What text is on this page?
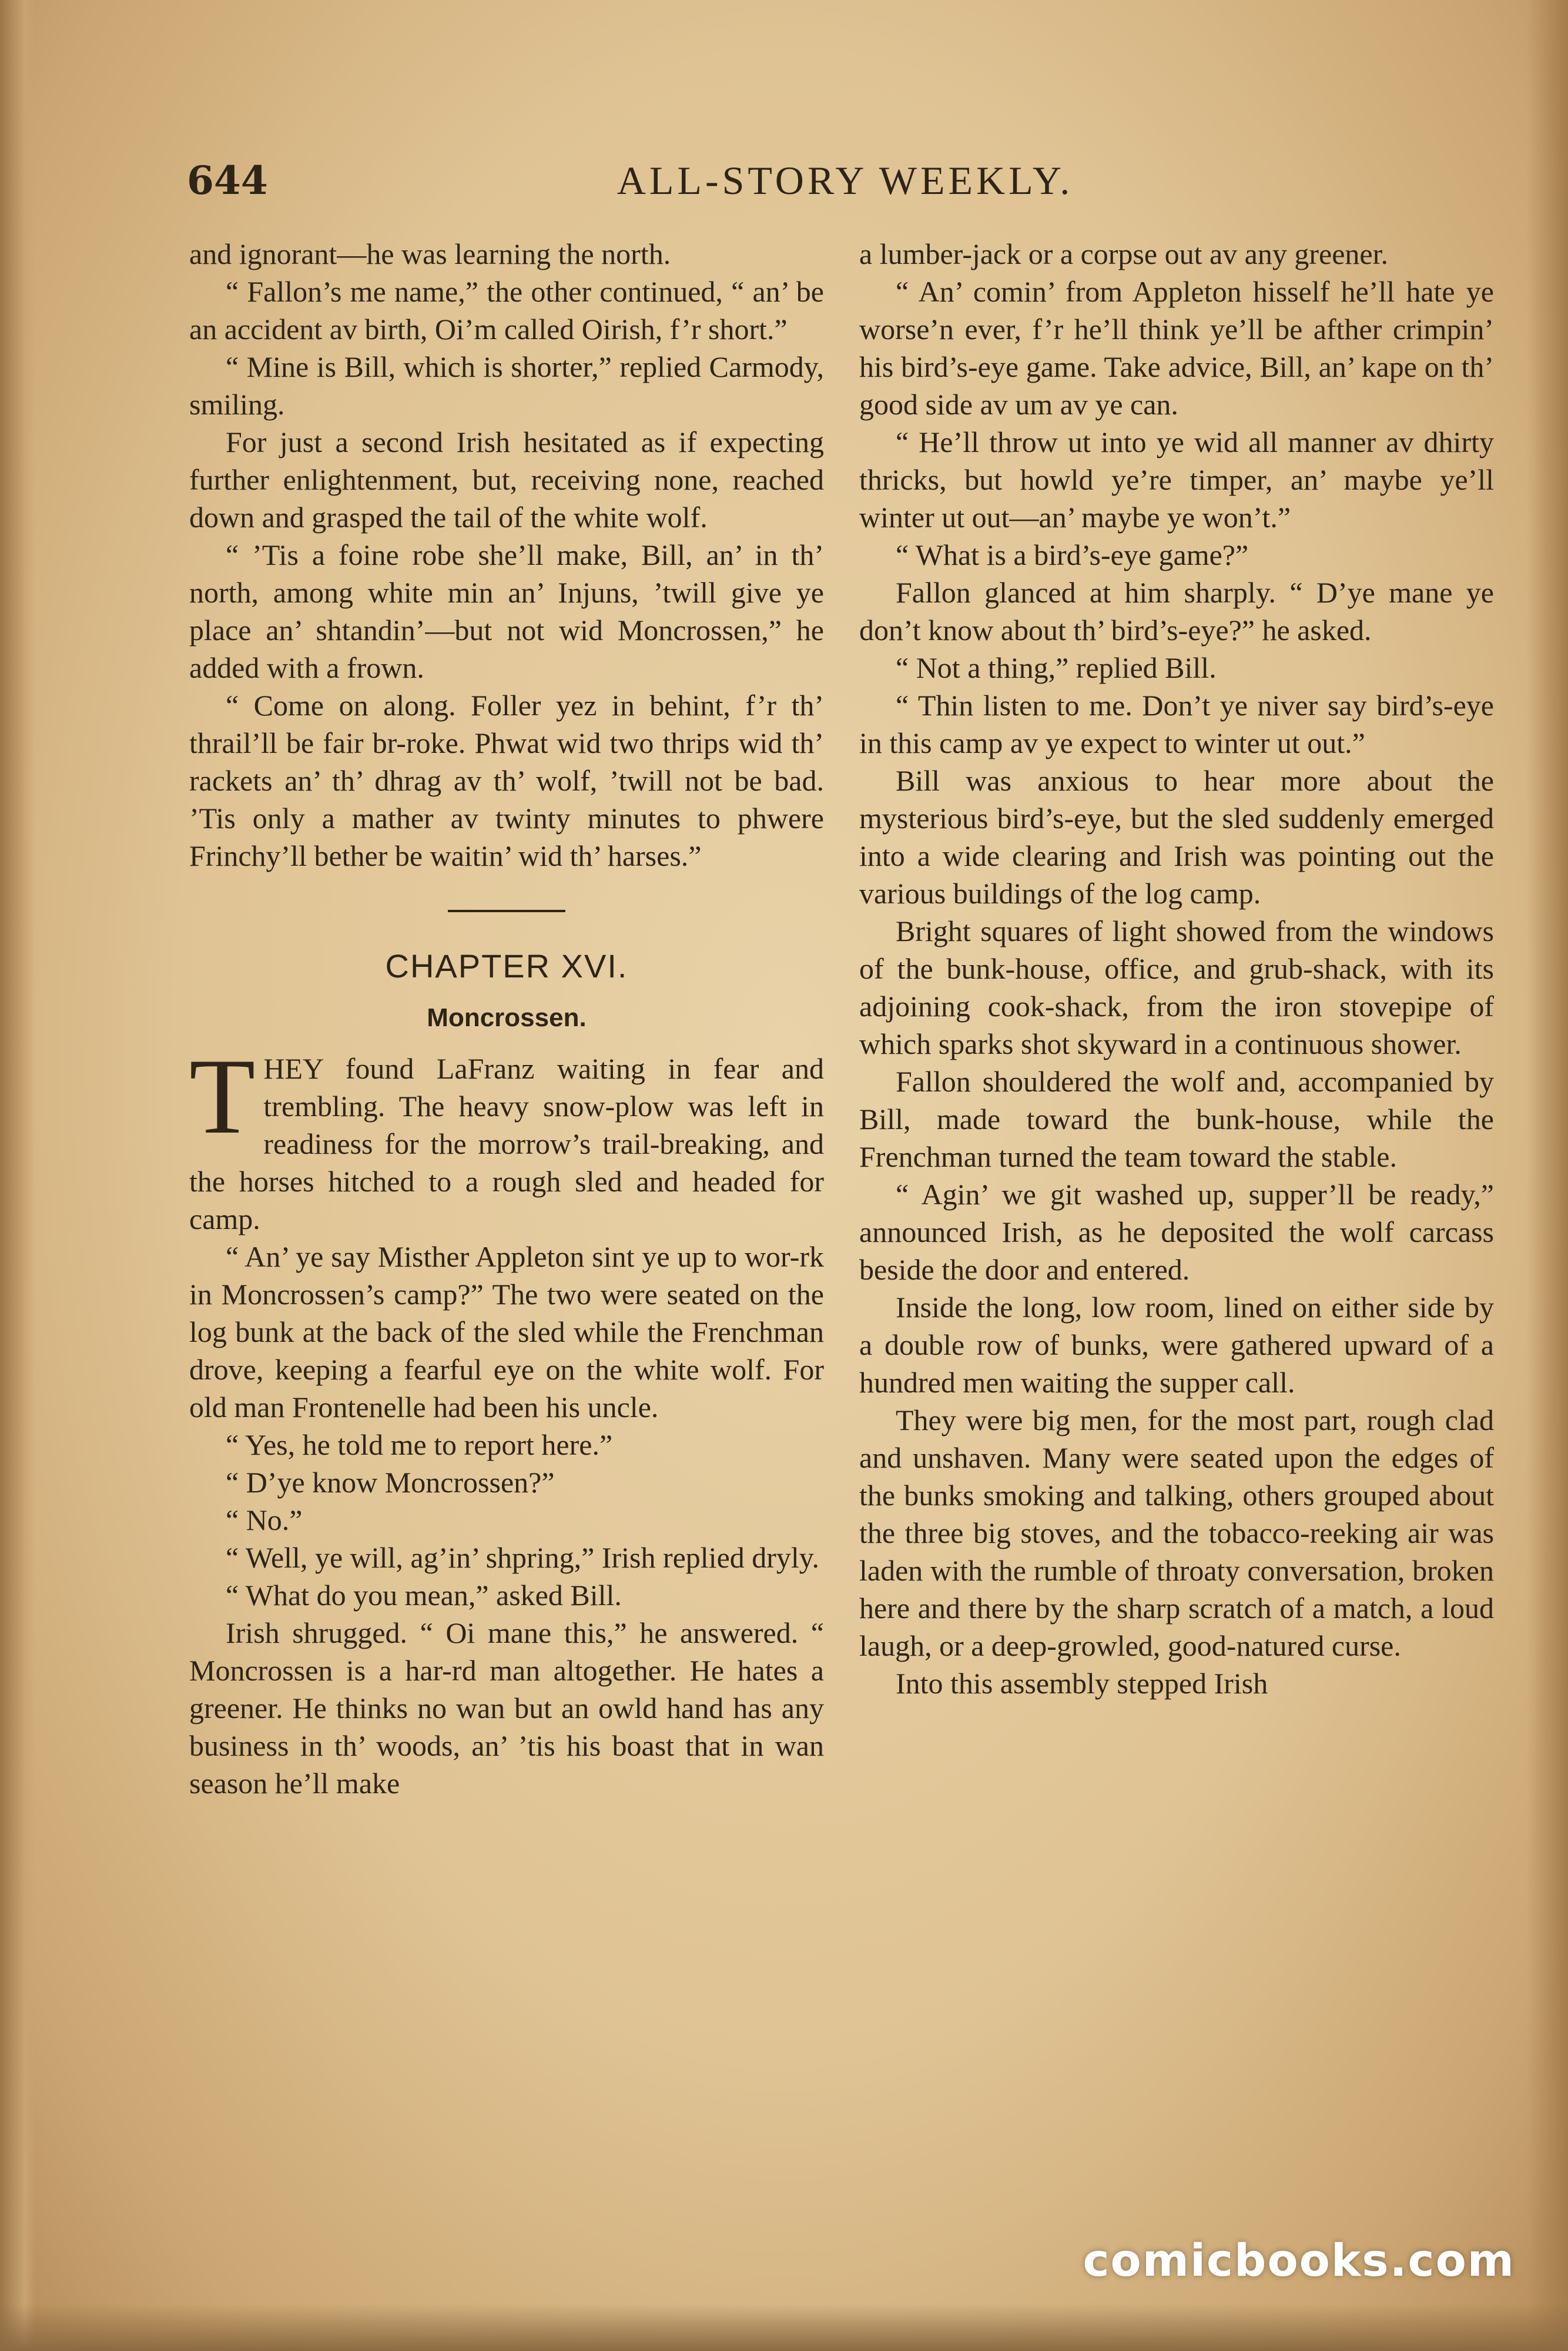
644	ALL-STORY WEEKLY.

and ignorant—he was learning the north.

“ Fallon’s me name,” the other continued, “ an’ be an accident av birth, Oi’m called Oirish, f’r short.”

“ Mine is Bill, which is shorter,” replied Carmody, smiling.

For just a second Irish hesitated as if expecting further enlightenment, but, receiving none, reached down and grasped the tail of the white wolf.

“ ’Tis a foine robe she’ll make, Bill, an’ in th’ north, among white min an’ Injuns, ’twill give ye place an’ shtandin’—but not wid Moncrossen,” he added with a frown.

“ Come on along. Foller yez in behint, f’r th’ thrail’ll be fair br-roke. Phwat wid two thrips wid th’ rackets an’ th’ dhrag av th’ wolf, ’twill not be bad. ’Tis only a mather av twinty minutes to phwere Frinchy’ll bether be waitin’ wid th’ harses.”

CHAPTER XVI.
Moncrossen.

THEY found LaFranz waiting in fear and trembling. The heavy snow-plow was left in readiness for the morrow’s trail-breaking, and the horses hitched to a rough sled and headed for camp.

“ An’ ye say Misther Appleton sint ye up to wor-rk in Moncrossen’s camp?” The two were seated on the log bunk at the back of the sled while the Frenchman drove, keeping a fearful eye on the white wolf. For old man Frontenelle had been his uncle.

“ Yes, he told me to report here.”

“ D’ye know Moncrossen?”

“ No.”

“ Well, ye will, ag’in’ shpring,” Irish replied dryly.

“ What do you mean,” asked Bill.

Irish shrugged. “ Oi mane this,” he answered. “ Moncrossen is a har-rd man altogether. He hates a greener. He thinks no wan but an owld hand has any business in th’ woods, an’ ’tis his boast that in wan season he’ll make

a lumber-jack or a corpse out av any greener.

“ An’ comin’ from Appleton hisself he’ll hate ye worse’n ever, f’r he’ll think ye’ll be afther crimpin’ his bird’s-eye game. Take advice, Bill, an’ kape on th’ good side av um av ye can.

“ He’ll throw ut into ye wid all manner av dhirty thricks, but howld ye’re timper, an’ maybe ye’ll winter ut out—an’ maybe ye won’t.”

“ What is a bird’s-eye game?”

Fallon glanced at him sharply. “ D’ye mane ye don’t know about th’ bird’s-eye?” he asked.

“ Not a thing,” replied Bill.

“ Thin listen to me. Don’t ye niver say bird’s-eye in this camp av ye expect to winter ut out.”

Bill was anxious to hear more about the mysterious bird’s-eye, but the sled suddenly emerged into a wide clearing and Irish was pointing out the various buildings of the log camp.

Bright squares of light showed from the windows of the bunk-house, office, and grub-shack, with its adjoining cook-shack, from the iron stovepipe of which sparks shot skyward in a continuous shower.

Fallon shouldered the wolf and, accompanied by Bill, made toward the bunk-house, while the Frenchman turned the team toward the stable.

“ Agin’ we git washed up, supper’ll be ready,” announced Irish, as he deposited the wolf carcass beside the door and entered.

Inside the long, low room, lined on either side by a double row of bunks, were gathered upward of a hundred men waiting the supper call.

They were big men, for the most part, rough clad and unshaven. Many were seated upon the edges of the bunks smoking and talking, others grouped about the three big stoves, and the tobacco-reeking air was laden with the rumble of throaty conversation, broken here and there by the sharp scratch of a match, a loud laugh, or a deep-growled, good-natured curse.

Into this assembly stepped Irish

comicbooks.com
